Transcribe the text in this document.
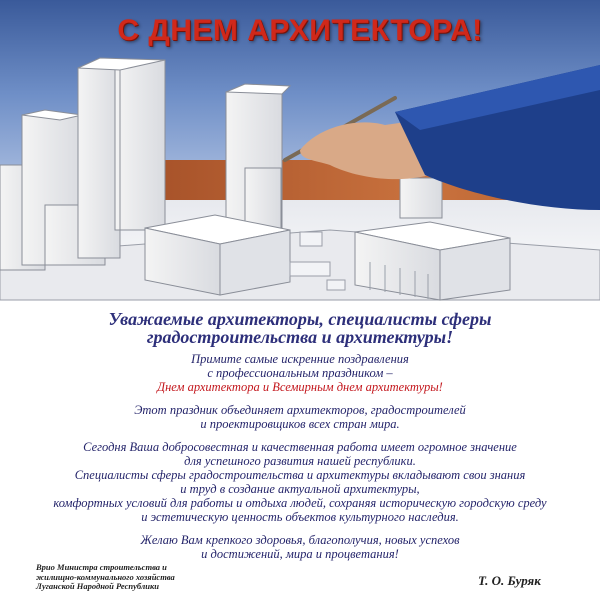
С ДНЕМ АРХИТЕКТОРА!
Уважаемые архитекторы, специалисты сферы
градостроительства и архитектуры!
Примите самые искренние поздравления
с профессиональным праздником –
Днем архитектора и Всемирным днем архитектуры!
Этот праздник объединяет архитекторов, градостроителей
и проектировщиков всех стран мира.
Сегодня Ваша добросовестная и качественная работа имеет огромное значение
для успешного развития нашей республики.
Специалисты сферы градостроительства и архитектуры вкладывают свои знания
и труд в создание актуальной архитектуры,
комфортных условий для работы и отдыха людей, сохраняя историческую городскую среду
и эстетическую ценность объектов культурного наследия.
Желаю Вам крепкого здоровья, благополучия, новых успехов
и достижений, мира и процветания!
Врио Министра строительства и
жилищно-коммунального хозяйства
Луганской Народной Республики	Т. О. Буряк
